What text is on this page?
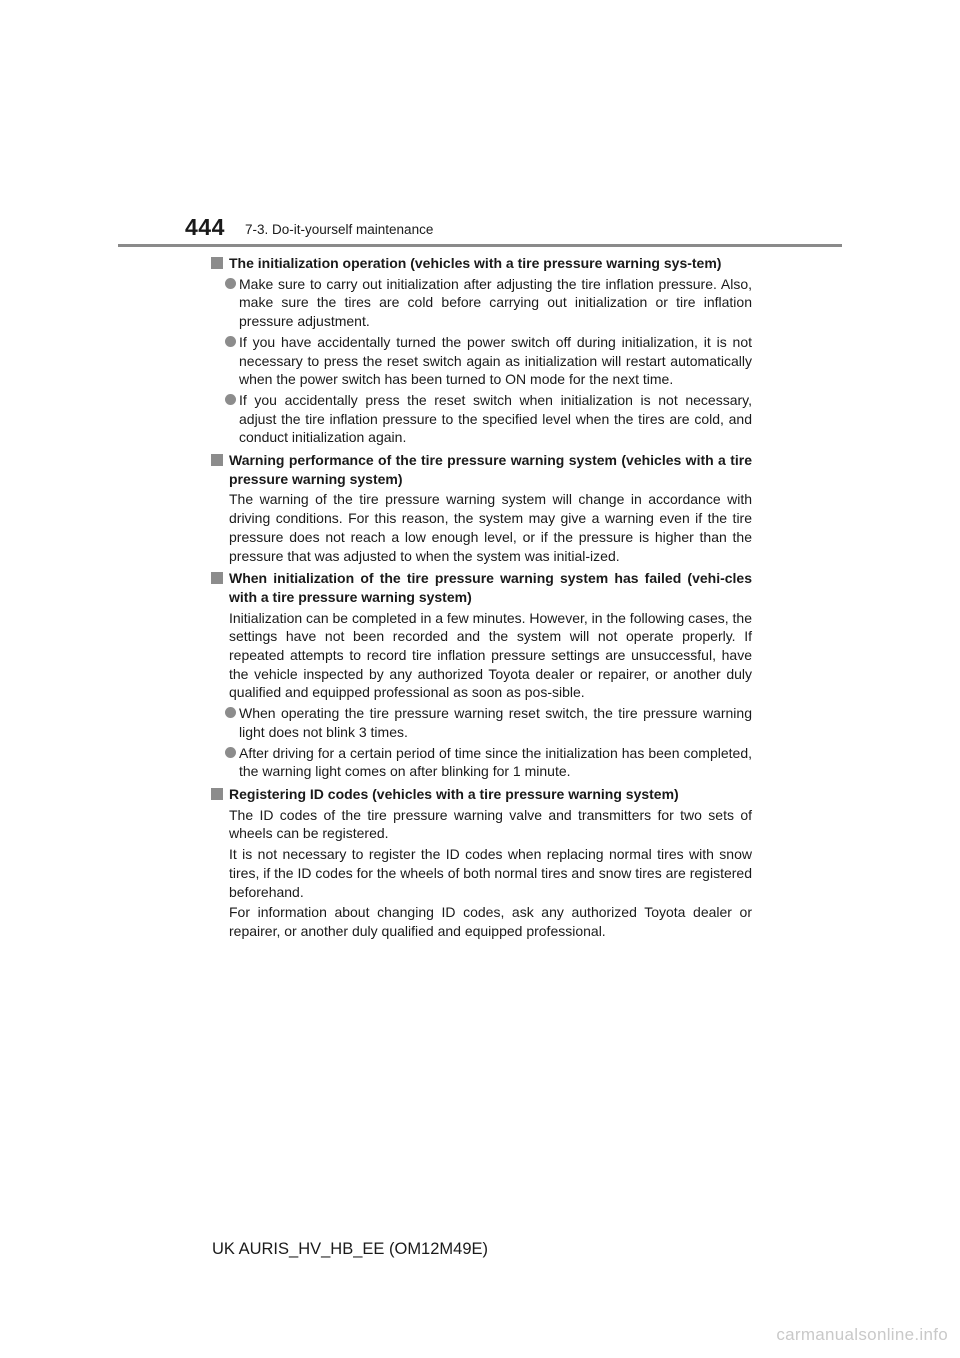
444 7-3. Do-it-yourself maintenance
The initialization operation (vehicles with a tire pressure warning sys-tem)
Make sure to carry out initialization after adjusting the tire inflation pressure. Also, make sure the tires are cold before carrying out initialization or tire inflation pressure adjustment.
If you have accidentally turned the power switch off during initialization, it is not necessary to press the reset switch again as initialization will restart automatically when the power switch has been turned to ON mode for the next time.
If you accidentally press the reset switch when initialization is not necessary, adjust the tire inflation pressure to the specified level when the tires are cold, and conduct initialization again.
Warning performance of the tire pressure warning system (vehicles with a tire pressure warning system)

The warning of the tire pressure warning system will change in accordance with driving conditions. For this reason, the system may give a warning even if the tire pressure does not reach a low enough level, or if the pressure is higher than the pressure that was adjusted to when the system was initial-ized.

When initialization of the tire pressure warning system has failed (vehi-cles with a tire pressure warning system)

Initialization can be completed in a few minutes. However, in the following cases, the settings have not been recorded and the system will not operate properly. If repeated attempts to record tire inflation pressure settings are unsuccessful, have the vehicle inspected by any authorized Toyota dealer or repairer, or another duly qualified and equipped professional as soon as pos-sible.

When operating the tire pressure warning reset switch, the tire pressure warning light does not blink 3 times.
After driving for a certain period of time since the initialization has been completed, the warning light comes on after blinking for 1 minute.
Registering ID codes (vehicles with a tire pressure warning system)

The ID codes of the tire pressure warning valve and transmitters for two sets of wheels can be registered.

It is not necessary to register the ID codes when replacing normal tires with snow tires, if the ID codes for the wheels of both normal tires and snow tires are registered beforehand.

For information about changing ID codes, ask any authorized Toyota dealer or repairer, or another duly qualified and equipped professional.

UK AURIS_HV_HB_EE (OM12M49E)
carmanualsonline.info
